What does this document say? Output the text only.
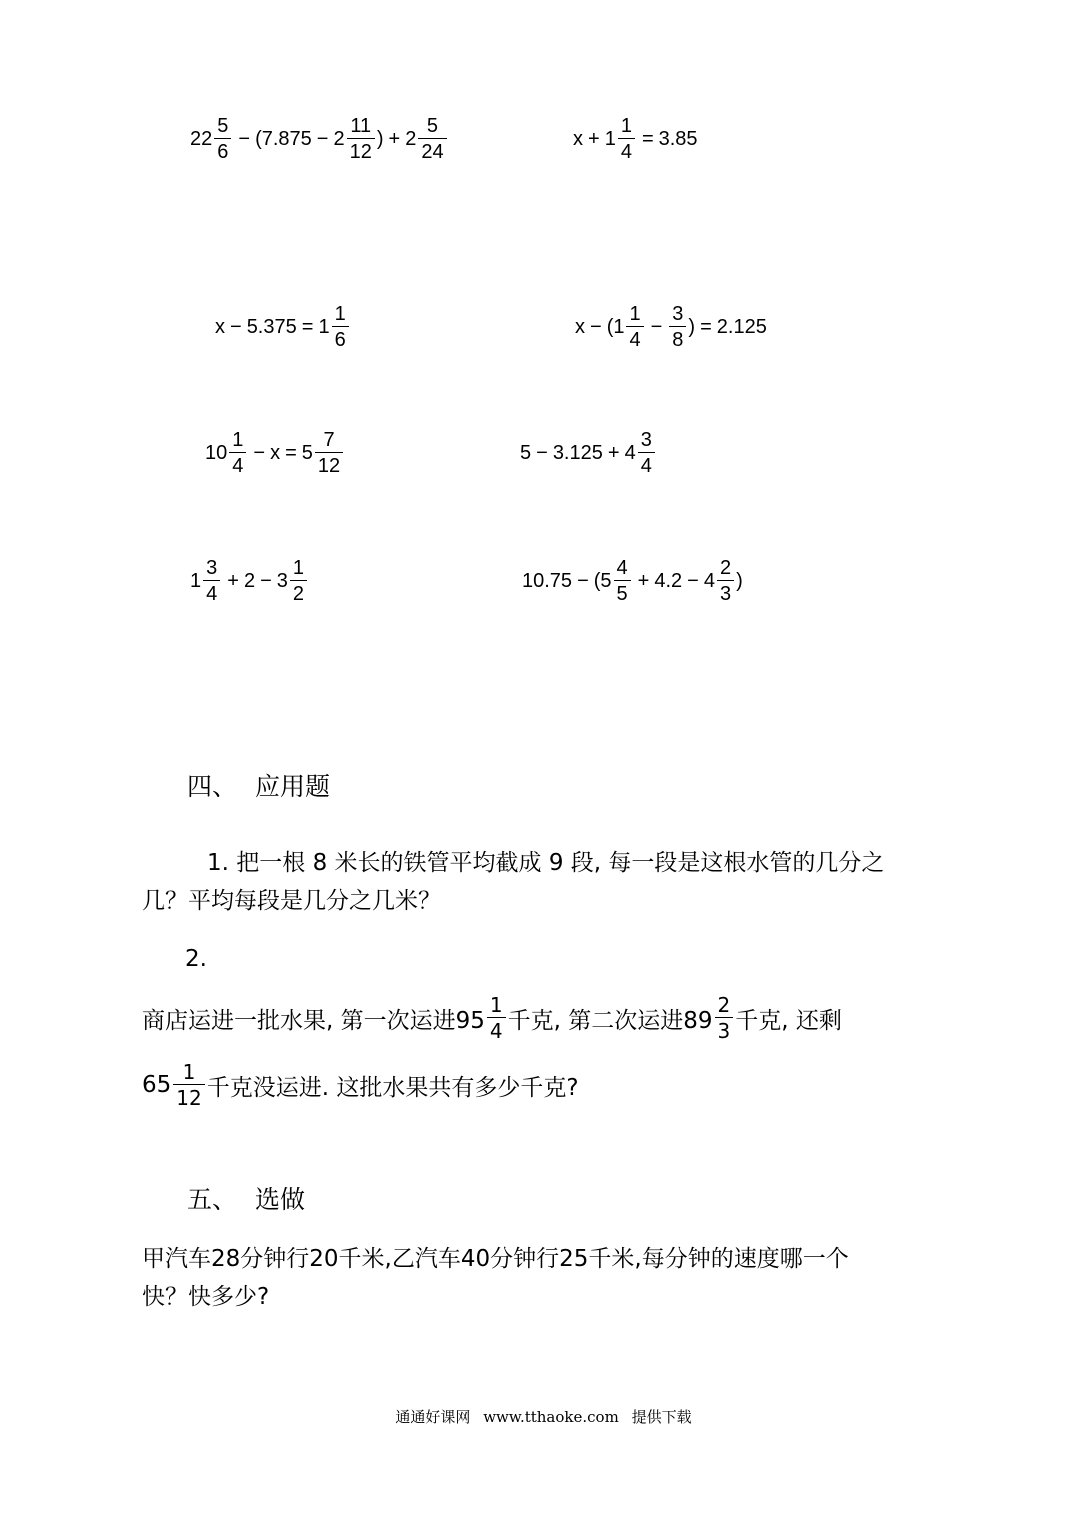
$22 \frac{5}{6} - (7.875 - 2 \frac{11}{12}$ ) + $2 \frac{5}{24}$	$x + 1 \frac{1}{4} = 3.85$
$x - 5.375 = 1 \frac{1}{6}$	$x - (1 \frac{1}{4} - \frac{3}{8}$ ) = 2.125
$10 \frac{1}{4} - x = 5 \frac{7}{12}$	$5 - 3.125 + 4 \frac{3}{4}$
$1 \frac{3}{4} + 2 - 3 \frac{1}{2}$	$10.75 - (5 \frac{4}{5} + 4.2 - 4 \frac{2}{3}$ )
四、 应用题
1. 把一根 8 米长的铁管平均截成 9 段, 每一段是这根水管的几分之
几？平均每段是几分之几米？
2.
商店运进一批水果, 第一次运进$95 \frac{1}{4}$ 千克, 第二次运进$89 \frac{2}{3}$ 千克, 还剩
$65 \frac{1}{12}$ 千克没运进. 这批水果共有多少千克?
五、 选做
甲汽车28分钟行20千米,乙汽车40分钟行25千米,每分钟的速度哪一个
快？快多少?
通通好课网 www.tthaoke.com 提供下载
